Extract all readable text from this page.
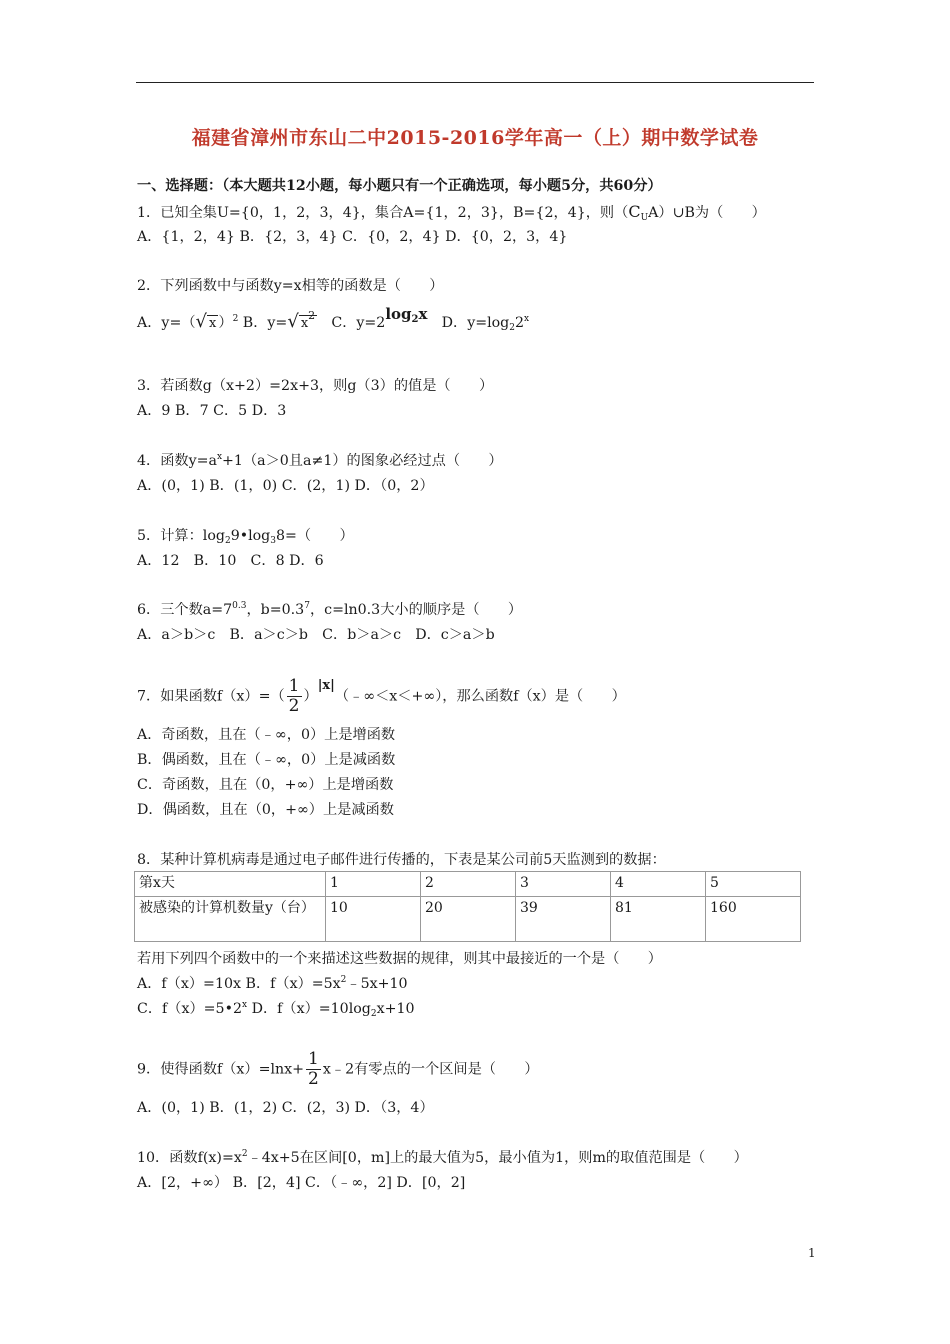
福建省漳州市东山二中2015-2016学年高一（上）期中数学试卷
一、选择题：（本大题共12小题，每小题只有一个正确选项，每小题5分，共60分）
1．已知全集U={0，1，2，3，4}，集合A={1，2，3}，B={2，4}，则$(C_UA)\cup B$为（　　）
A．{1，2，4} B．{2，3，4} C．{0，2，4} D．{0，2，3，4}
2．下列函数中与函数y=x相等的函数是（　　）
A．y=（√ x ）$^2$ B．y=√ $x^2$　C．$y=2\log_2x$　D．$y=\log_22^x$
3．若函数g（x+2）=2x+3，则g（3）的值是（　　）
A．9 B．7 C．5 D．3
4．函数$y=a^x+1(a>0$且a≠1）的图象必经过点（　　）
A．(0，1) B．(1，0) C．(2，1) D．（0，2）
5．计算：$\log_29•\log_38=$（　　）
A．12　B．10　C．8 D．6
6．三个数$a=7^{0.3}$，$b=0.3^7$，c=ln0.3大小的顺序是（　　）
A．a＞b＞c　B．a＞c＞b　C．b＞a＞c　D．c＞a＞b
7．如果函数$f(x)=( \frac{1}{2}$ ）|x|（﹣∞＜x＜+∞），那么函数f（x）是（　　）
A．奇函数，且在（﹣∞，0）上是增函数
B．偶函数，且在（﹣∞，0）上是减函数
C．奇函数，且在（0，+∞）上是增函数
D．偶函数，且在（0，+∞）上是减函数
8．某种计算机病毒是通过电子邮件进行传播的，下表是某公司前5天监测到的数据：
第x天	1	2	3	4	5
被感染的计算机数量y（台）	10	20	39	81	160
若用下列四个函数中的一个来描述这些数据的规律，则其中最接近的一个是（　　）
A．f（x）=10x B．$f(x)=5x^2﹣5x+10$
C．$f(x)=5•2^x$ D．$f(x)=10\log_2x+10$
9．使得函数$f(x)=\ln x+ \frac{1}{2}$ x﹣2有零点的一个区间是（　　）
A．(0，1) B．(1，2) C．(2，3) D．（3，4）
10．函数$f(x)=x^2﹣4x+5$在区间[0，m]上的最大值为5，最小值为1，则m的取值范围是（　　）
A．[2，+∞） B．[2，4] C．（﹣∞，2] D．[0，2]
1
